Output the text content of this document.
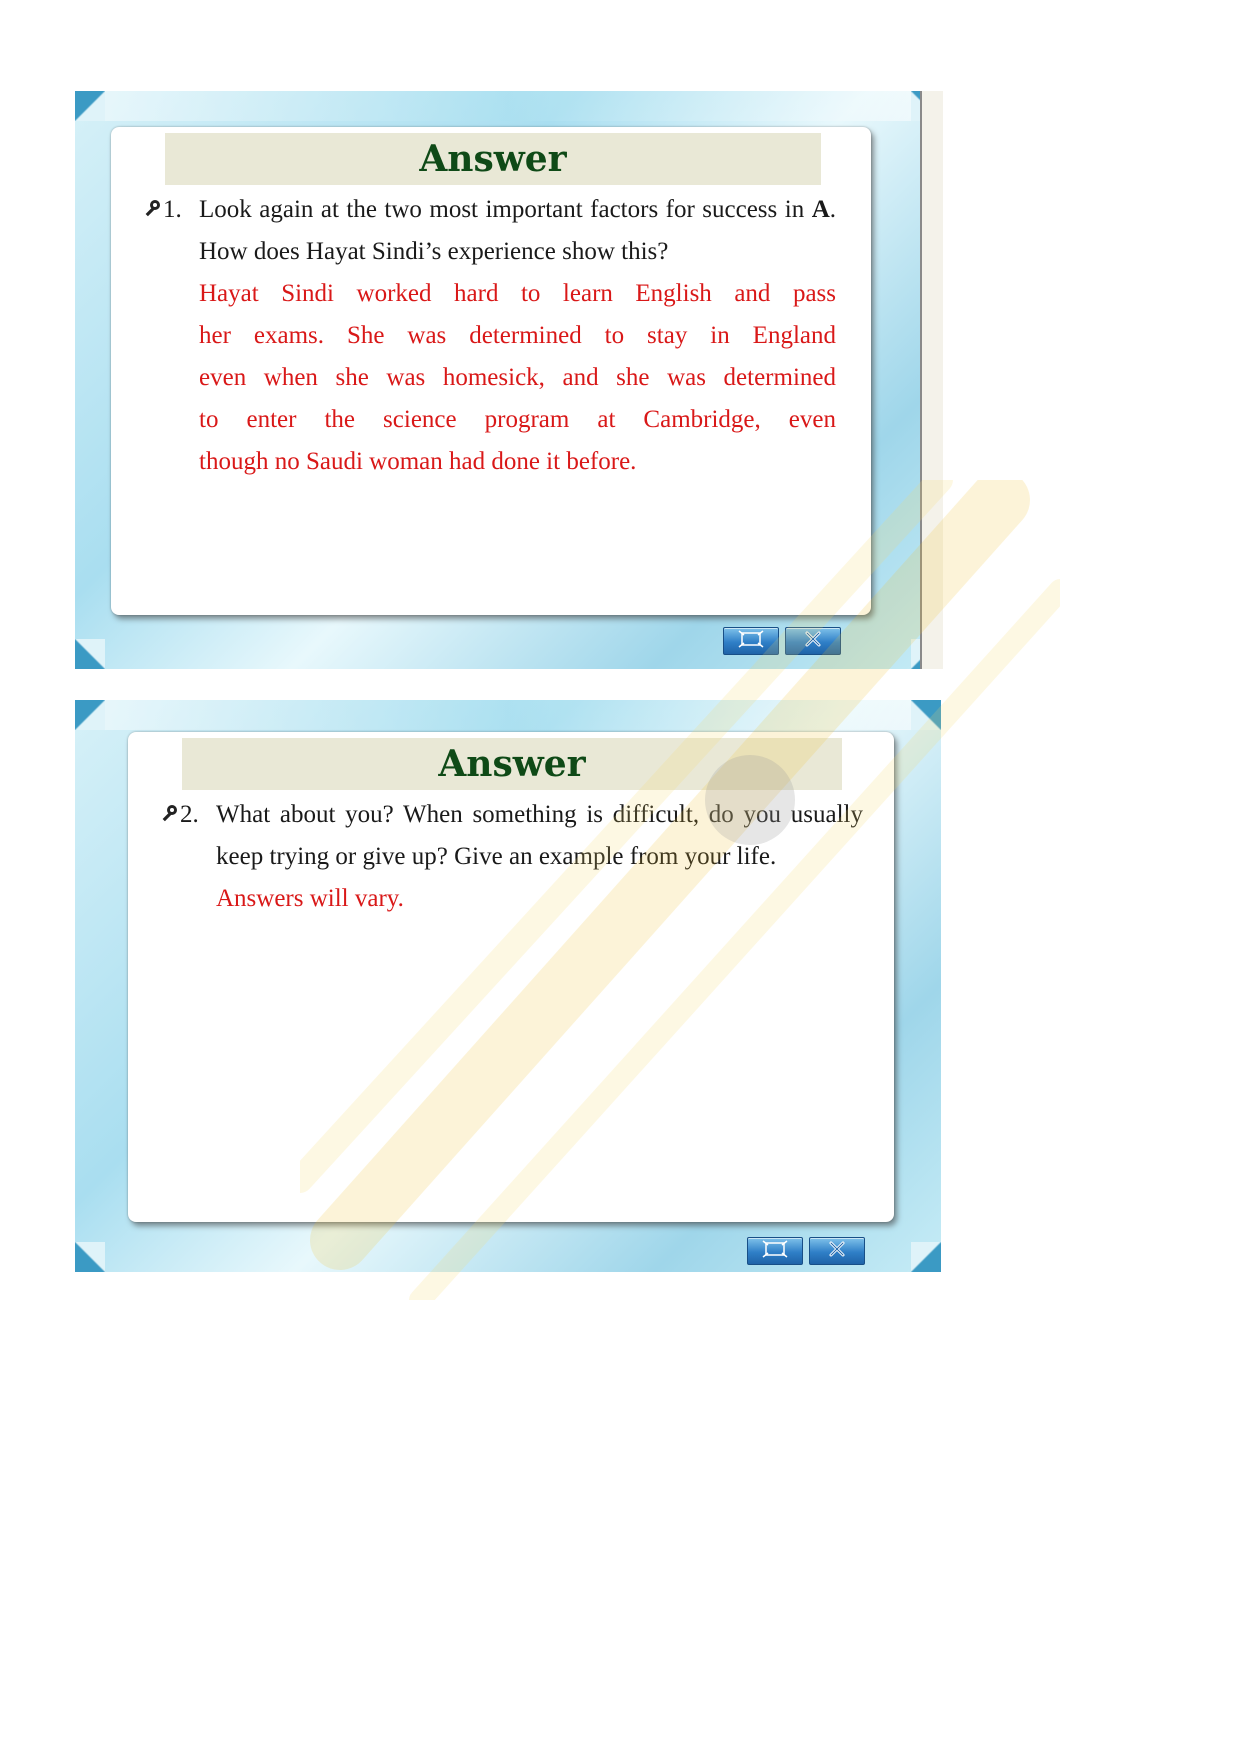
Answer
1. Look again at the two most important factors for success in A. How does Hayat Sindi’s experience show this?
Hayat Sindi worked hard to learn English and pass
her exams. She was determined to stay in England
even when she was homesick, and she was determined
to enter the science program at Cambridge, even
though no Saudi woman had done it before.
Answer
2. What about you? When something is difficult, do you usually keep trying or give up? Give an example from your life.
Answers will vary.
